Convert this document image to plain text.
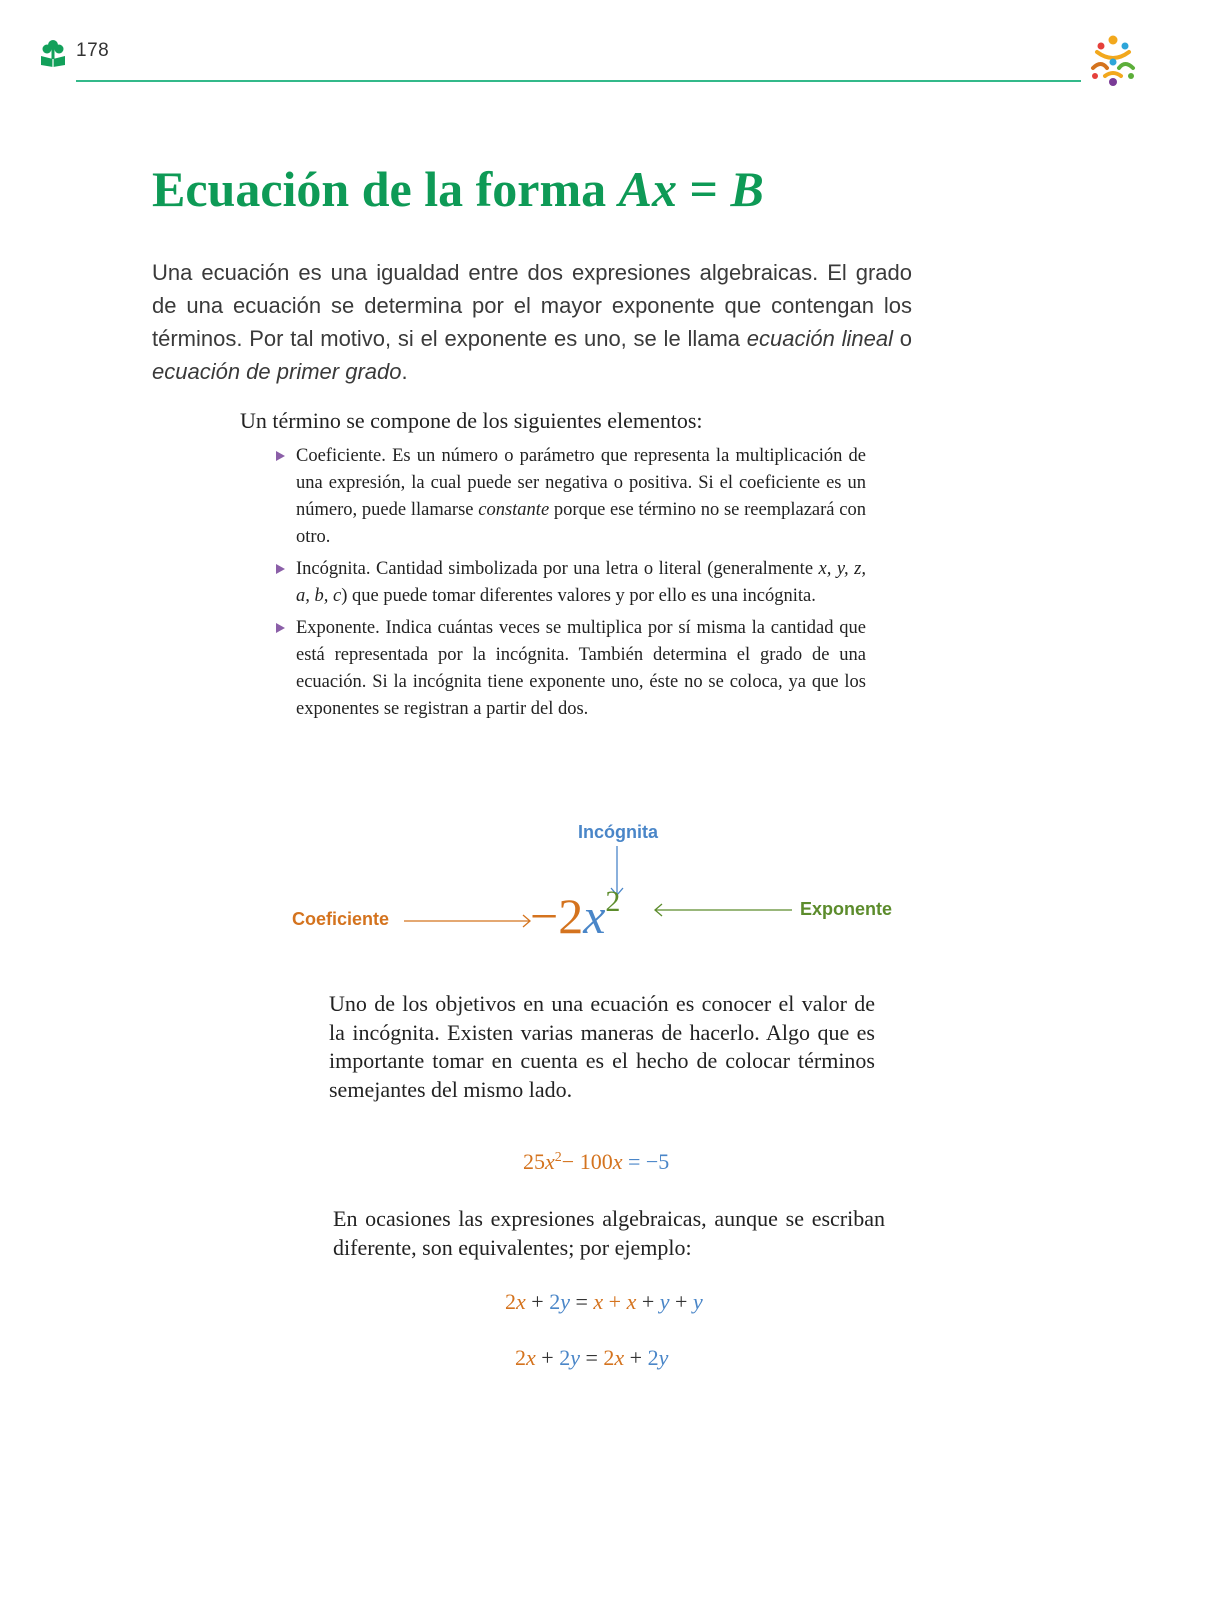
178
Ecuación de la forma Ax = B

Una ecuación es una igualdad entre dos expresiones algebraicas. El grado de una ecuación se determina por el mayor exponente que contengan los términos. Por tal motivo, si el exponente es uno, se le llama ecuación lineal o ecuación de primer grado.

Un término se compone de los siguientes elementos:

Coeficiente. Es un número o parámetro que representa la multiplicación de una expresión, la cual puede ser negativa o positiva. Si el coeficiente es un número, puede llamarse constante porque ese término no se reemplazará con otro.
Incógnita. Cantidad simbolizada por una letra o literal (generalmente x, y, z, a, b, c) que puede tomar diferentes valores y por ello es una incógnita.
Exponente. Indica cuántas veces se multiplica por sí misma la cantidad que está representada por la incógnita. También determina el grado de una ecuación. Si la incógnita tiene exponente uno, éste no se coloca, ya que los exponentes se registran a partir del dos.
Incógnita
Coeficiente	Exponente
$-2x^2$

Uno de los objetivos en una ecuación es conocer el valor de la incógnita. Existen varias maneras de hacerlo. Algo que es importante tomar en cuenta es el hecho de colocar términos semejantes del mismo lado.

$25x^2- 100x = -5$

En ocasiones las expresiones algebraicas, aunque se escriban diferente, son equivalentes; por ejemplo:

2x + 2y = x + x + y + y

2x + 2y = 2x + 2y
